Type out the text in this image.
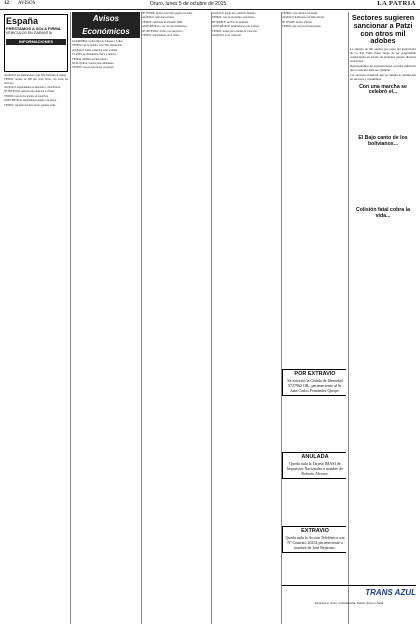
12 AVISOS	Oruro, lunes 5 de octubre de 2015	LA PATRIA
España
PRESTAMOS A SOLA FIRMA
VEHICULOS EN GARANTIA
INFORMACIONES
ALQUILO: dos habitaciones, zona Sud. Informes al celular.
VENDO: terreno de 300 m2, zona Norte, con todos los servicios.
ALQUILO: departamento en anticrético, calle Bolívar.
SE NECESITA: señorita para atención al cliente.
VENDO: casa de dos plantas en zona Este.
ANTICRÉTICO: departamento amplio con garaje.
VENDO: vagoneta en buen estado, papeles al día.
Avisos Económicos
GUARDERÍA: recibe niños de 6 meses a 5 años.
VENDO: lote de terreno, zona Villa Challacollo.
ALQUILO: tienda comercial sobre avenida.
CLASES: de matemática, física y química.
VENDO: minibús en buen estado.
SE ALQUILA: cuartos para estudiantes.
VENDO: casa en zona Norte con garaje.
SE VENDE: terreno zona Sud, papeles en orden.
ALQUILO: salón para eventos.
VENDO: camioneta 4x4 modelo 2008.
ANTICRÉTICO: casa con tres dormitorios.
SE NECESITA: chofer con categoría C.
VENDO: departamento en el centro.
ALQUILO: garaje para vehículo mediano.
VENDO: casa de una planta, zona Oeste.
SE OFRECE: servicio de plomería.
ANTICRÉTICO: departamento zona Central.
VENDO: terreno en la ciudad de Caracollo.
ALQUILO: local comercial.
VENDO: casa céntrica con tienda.
ALQUILO: habitación con baño privado.
SE VENDE: terreno 250 m2.
VENDO: auto Toyota en buen estado.
POR EXTRAVIO
Se extravió la Cédula de Identidad 5727962 OR., perteneciente al Sr. Juan Carlos Fernández Quispe.
ANULADA
Queda nula la Tarjeta IMASI de Impuestos Nacionales a nombre de Roberto Alvarez.
EXTRAVIO
Queda nula la Acción Telefónica con Nº Contrato 20254 perteneciente a nombre de José Bejarano.
Sectores sugieren sancionar a Patzi con otros mil adobes

La entrega de mil adobes por parte del gobernador de La Paz, Félix Patzi, luego de ser sorprendido conduciendo en estado de ebriedad, generó diversas reacciones.

Representantes de organizaciones sociales señalaron que la sanción debe ser ejemplar.

Los sectores exigieron que se cumpla lo establecido en sus usos y costumbres.

Con una marcha se celebró el...
El Bajo canto de los bolivianos...
Colisión fatal cobra la vida...
TRANS AZUL
Servicios a: Oruro, Cochabamba, Potosí, Sucre y Tarija
